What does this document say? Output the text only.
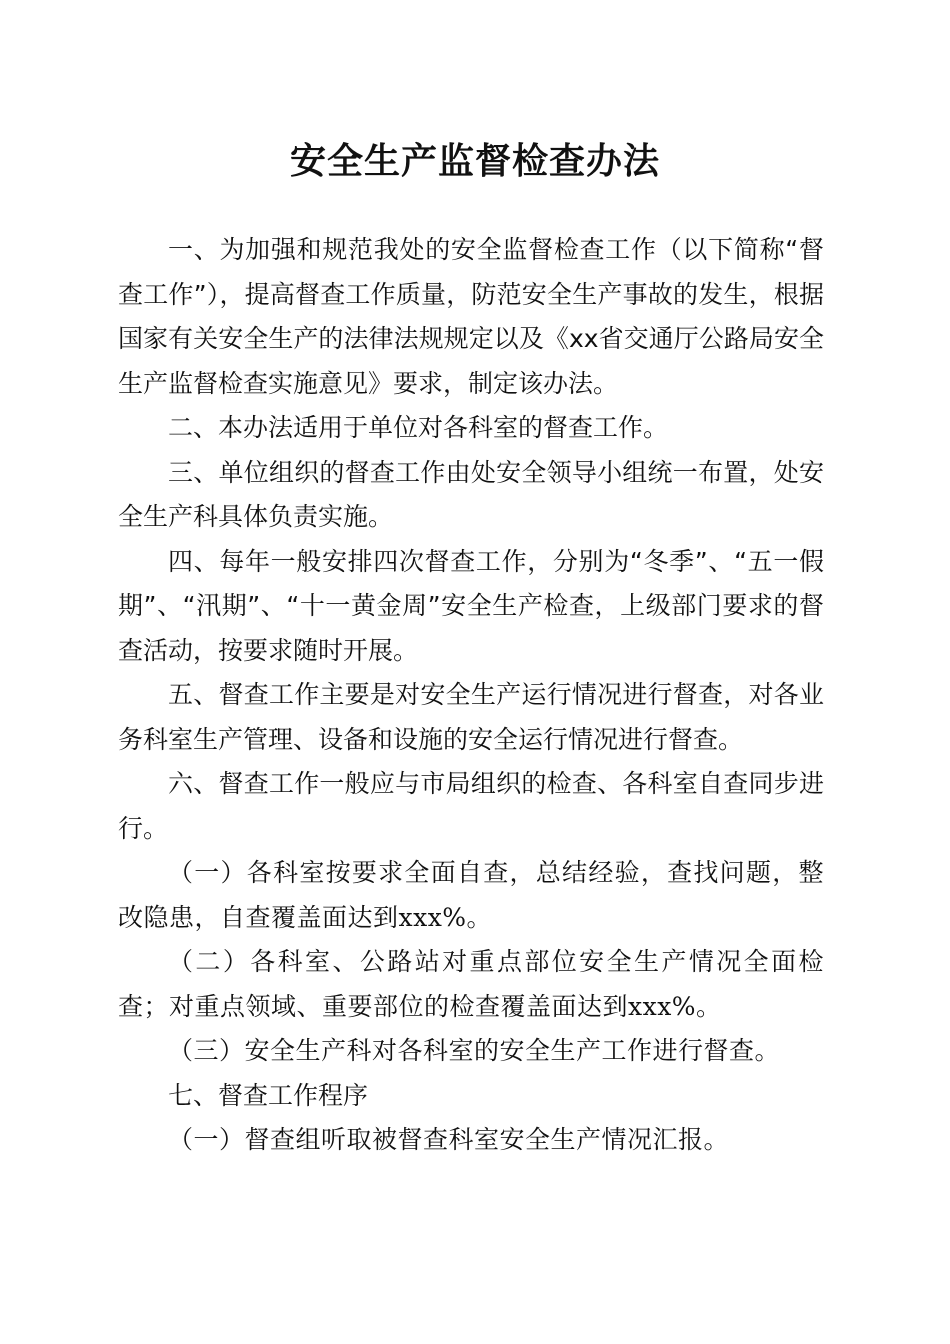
安全生产监督检查办法

一、为加强和规范我处的安全监督检查工作（以下简称“督查工作”），提高督查工作质量，防范安全生产事故的发生，根据国家有关安全生产的法律法规规定以及《xx省交通厅公路局安全生产监督检查实施意见》要求，制定该办法。

二、本办法适用于单位对各科室的督查工作。

三、单位组织的督查工作由处安全领导小组统一布置，处安全生产科具体负责实施。

四、每年一般安排四次督查工作，分别为“冬季”、“五一假期”、“汛期”、“十一黄金周”安全生产检查，上级部门要求的督查活动，按要求随时开展。

五、督查工作主要是对安全生产运行情况进行督查，对各业务科室生产管理、设备和设施的安全运行情况进行督查。

六、督查工作一般应与市局组织的检查、各科室自查同步进行。

（一）各科室按要求全面自查，总结经验，查找问题，整改隐患，自查覆盖面达到xxx%。

（二）各科室、公路站对重点部位安全生产情况全面检查；对重点领域、重要部位的检查覆盖面达到xxx%。

（三）安全生产科对各科室的安全生产工作进行督查。

七、督查工作程序

（一）督查组听取被督查科室安全生产情况汇报。
